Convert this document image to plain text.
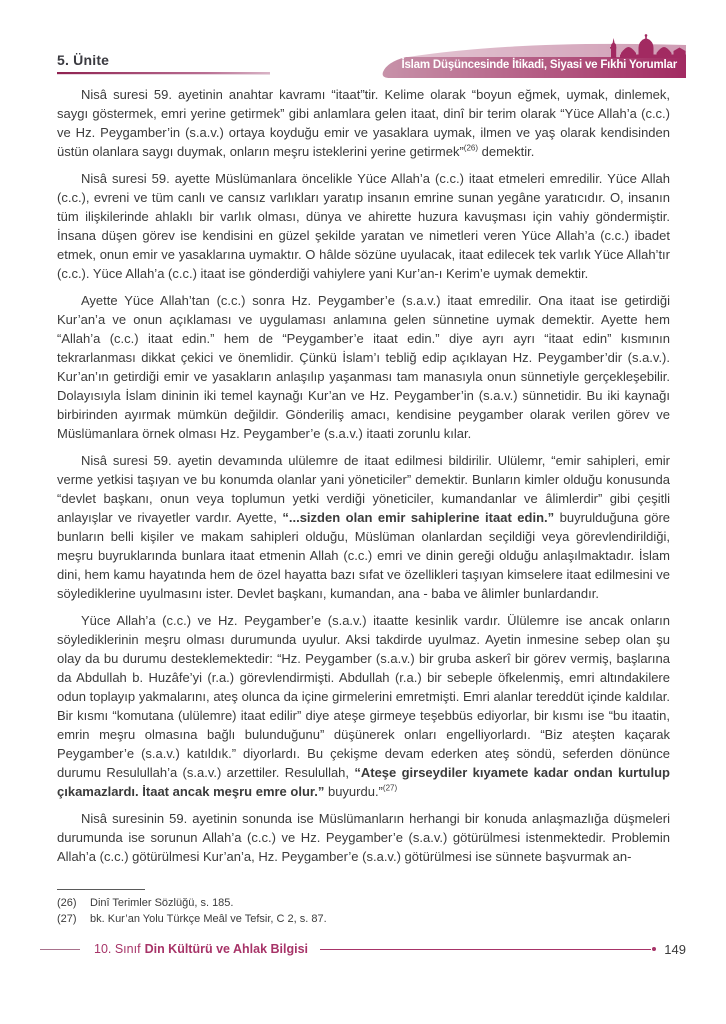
5. Ünite	İslam Düşüncesinde İtikadi, Siyasi ve Fıkhi Yorumlar

Nisâ suresi 59. ayetinin anahtar kavramı “itaat”tir. Kelime olarak “boyun eğmek, uymak, dinlemek, saygı göstermek, emri yerine getirmek” gibi anlamlara gelen itaat, dinî bir terim olarak “Yüce Allah’a (c.c.) ve Hz. Peygamber’in (s.a.v.) ortaya koyduğu emir ve yasaklara uymak, ilmen ve yaş olarak kendisinden üstün olanlara saygı duymak, onların meşru isteklerini yerine getirmek”$^{(26)}$ demektir.

Nisâ suresi 59. ayette Müslümanlara öncelikle Yüce Allah’a (c.c.) itaat etmeleri emredilir. Yüce Allah (c.c.), evreni ve tüm canlı ve cansız varlıkları yaratıp insanın emrine sunan yegâne yaratıcıdır. O, insanın tüm ilişkilerinde ahlaklı bir varlık olması, dünya ve ahirette huzura kavuşması için vahiy göndermiştir. İnsana düşen görev ise kendisini en güzel şekilde yaratan ve nimetleri veren Yüce Allah’a (c.c.) ibadet etmek, onun emir ve yasaklarına uymaktır. O hâlde sözüne uyulacak, itaat edilecek tek varlık Yüce Allah’tır (c.c.). Yüce Allah’a (c.c.) itaat ise gönderdiği vahiylere yani Kur’an-ı Kerim’e uymak demektir.

Ayette Yüce Allah’tan (c.c.) sonra Hz. Peygamber’e (s.a.v.) itaat emredilir. Ona itaat ise getirdiği Kur’an’a ve onun açıklaması ve uygulaması anlamına gelen sünnetine uymak demektir. Ayette hem “Allah’a (c.c.) itaat edin.” hem de “Peygamber’e itaat edin.” diye ayrı ayrı “itaat edin” kısmının tekrarlanması dikkat çekici ve önemlidir. Çünkü İslam’ı tebliğ edip açıklayan Hz. Peygamber’dir (s.a.v.). Kur’an’ın getirdiği emir ve yasakların anlaşılıp yaşanması tam manasıyla onun sünnetiyle gerçekleşebilir. Dolayısıyla İslam dininin iki temel kaynağı Kur’an ve Hz. Peygamber’in (s.a.v.) sünnetidir. Bu iki kaynağı birbirinden ayırmak mümkün değildir. Gönderiliş amacı, kendisine peygamber olarak verilen görev ve Müslümanlara örnek olması Hz. Peygamber’e (s.a.v.) itaati zorunlu kılar.

Nisâ suresi 59. ayetin devamında ulülemre de itaat edilmesi bildirilir. Ulülemr, “emir sahipleri, emir verme yetkisi taşıyan ve bu konumda olanlar yani yöneticiler” demektir. Bunların kimler olduğu konusunda “devlet başkanı, onun veya toplumun yetki verdiği yöneticiler, kumandanlar ve âlimlerdir” gibi çeşitli anlayışlar ve rivayetler vardır. Ayette, “...sizden olan emir sahiplerine itaat edin.” buyrulduğuna göre bunların belli kişiler ve makam sahipleri olduğu, Müslüman olanlardan seçildiği veya görevlendirildiği, meşru buyruklarında bunlara itaat etmenin Allah (c.c.) emri ve dinin gereği olduğu anlaşılmaktadır. İslam dini, hem kamu hayatında hem de özel hayatta bazı sıfat ve özellikleri taşıyan kimselere itaat edilmesini ve söylediklerine uyulmasını ister. Devlet başkanı, kumandan, ana - baba ve âlimler bunlardandır.

Yüce Allah’a (c.c.) ve Hz. Peygamber’e (s.a.v.) itaatte kesinlik vardır. Ülülemre ise ancak onların söylediklerinin meşru olması durumunda uyulur. Aksi takdirde uyulmaz. Ayetin inmesine sebep olan şu olay da bu durumu desteklemektedir: “Hz. Peygamber (s.a.v.) bir gruba askerî bir görev vermiş, başlarına da Abdullah b. Huzâfe’yi (r.a.) görevlendirmişti. Abdullah (r.a.) bir sebeple öfkelenmiş, emri altındakilere odun toplayıp yakmalarını, ateş olunca da içine girmelerini emretmişti. Emri alanlar tereddüt içinde kaldılar. Bir kısmı “komutana (ulülemre) itaat edilir” diye ateşe girmeye teşebbüs ediyorlar, bir kısmı ise “bu itaatin, emrin meşru olmasına bağlı bulunduğunu” düşünerek onları engelliyorlardı. “Biz ateşten kaçarak Peygamber’e (s.a.v.) katıldık.” diyorlardı. Bu çekişme devam ederken ateş söndü, seferden dönünce durumu Resulullah’a (s.a.v.) arzettiler. Resulullah, “Ateşe girseydiler kıyamete kadar ondan kurtulup çıkamazlardı. İtaat ancak meşru emre olur.” buyurdu.”$^{(27)}$

Nisâ suresinin 59. ayetinin sonunda ise Müslümanların herhangi bir konuda anlaşmazlığa düşmeleri durumunda ise sorunun Allah’a (c.c.) ve Hz. Peygamber’e (s.a.v.) götürülmesi istenmektedir. Problemin Allah’a (c.c.) götürülmesi Kur’an’a, Hz. Peygamber’e (s.a.v.) götürülmesi ise sünnete başvurmak an-

(26)	Dinî Terimler Sözlüğü, s. 185.
(27)	bk. Kur’an Yolu Türkçe Meâl ve Tefsir, C 2, s. 87.
10. Sınıf Din Kültürü ve Ahlak Bilgisi	149
